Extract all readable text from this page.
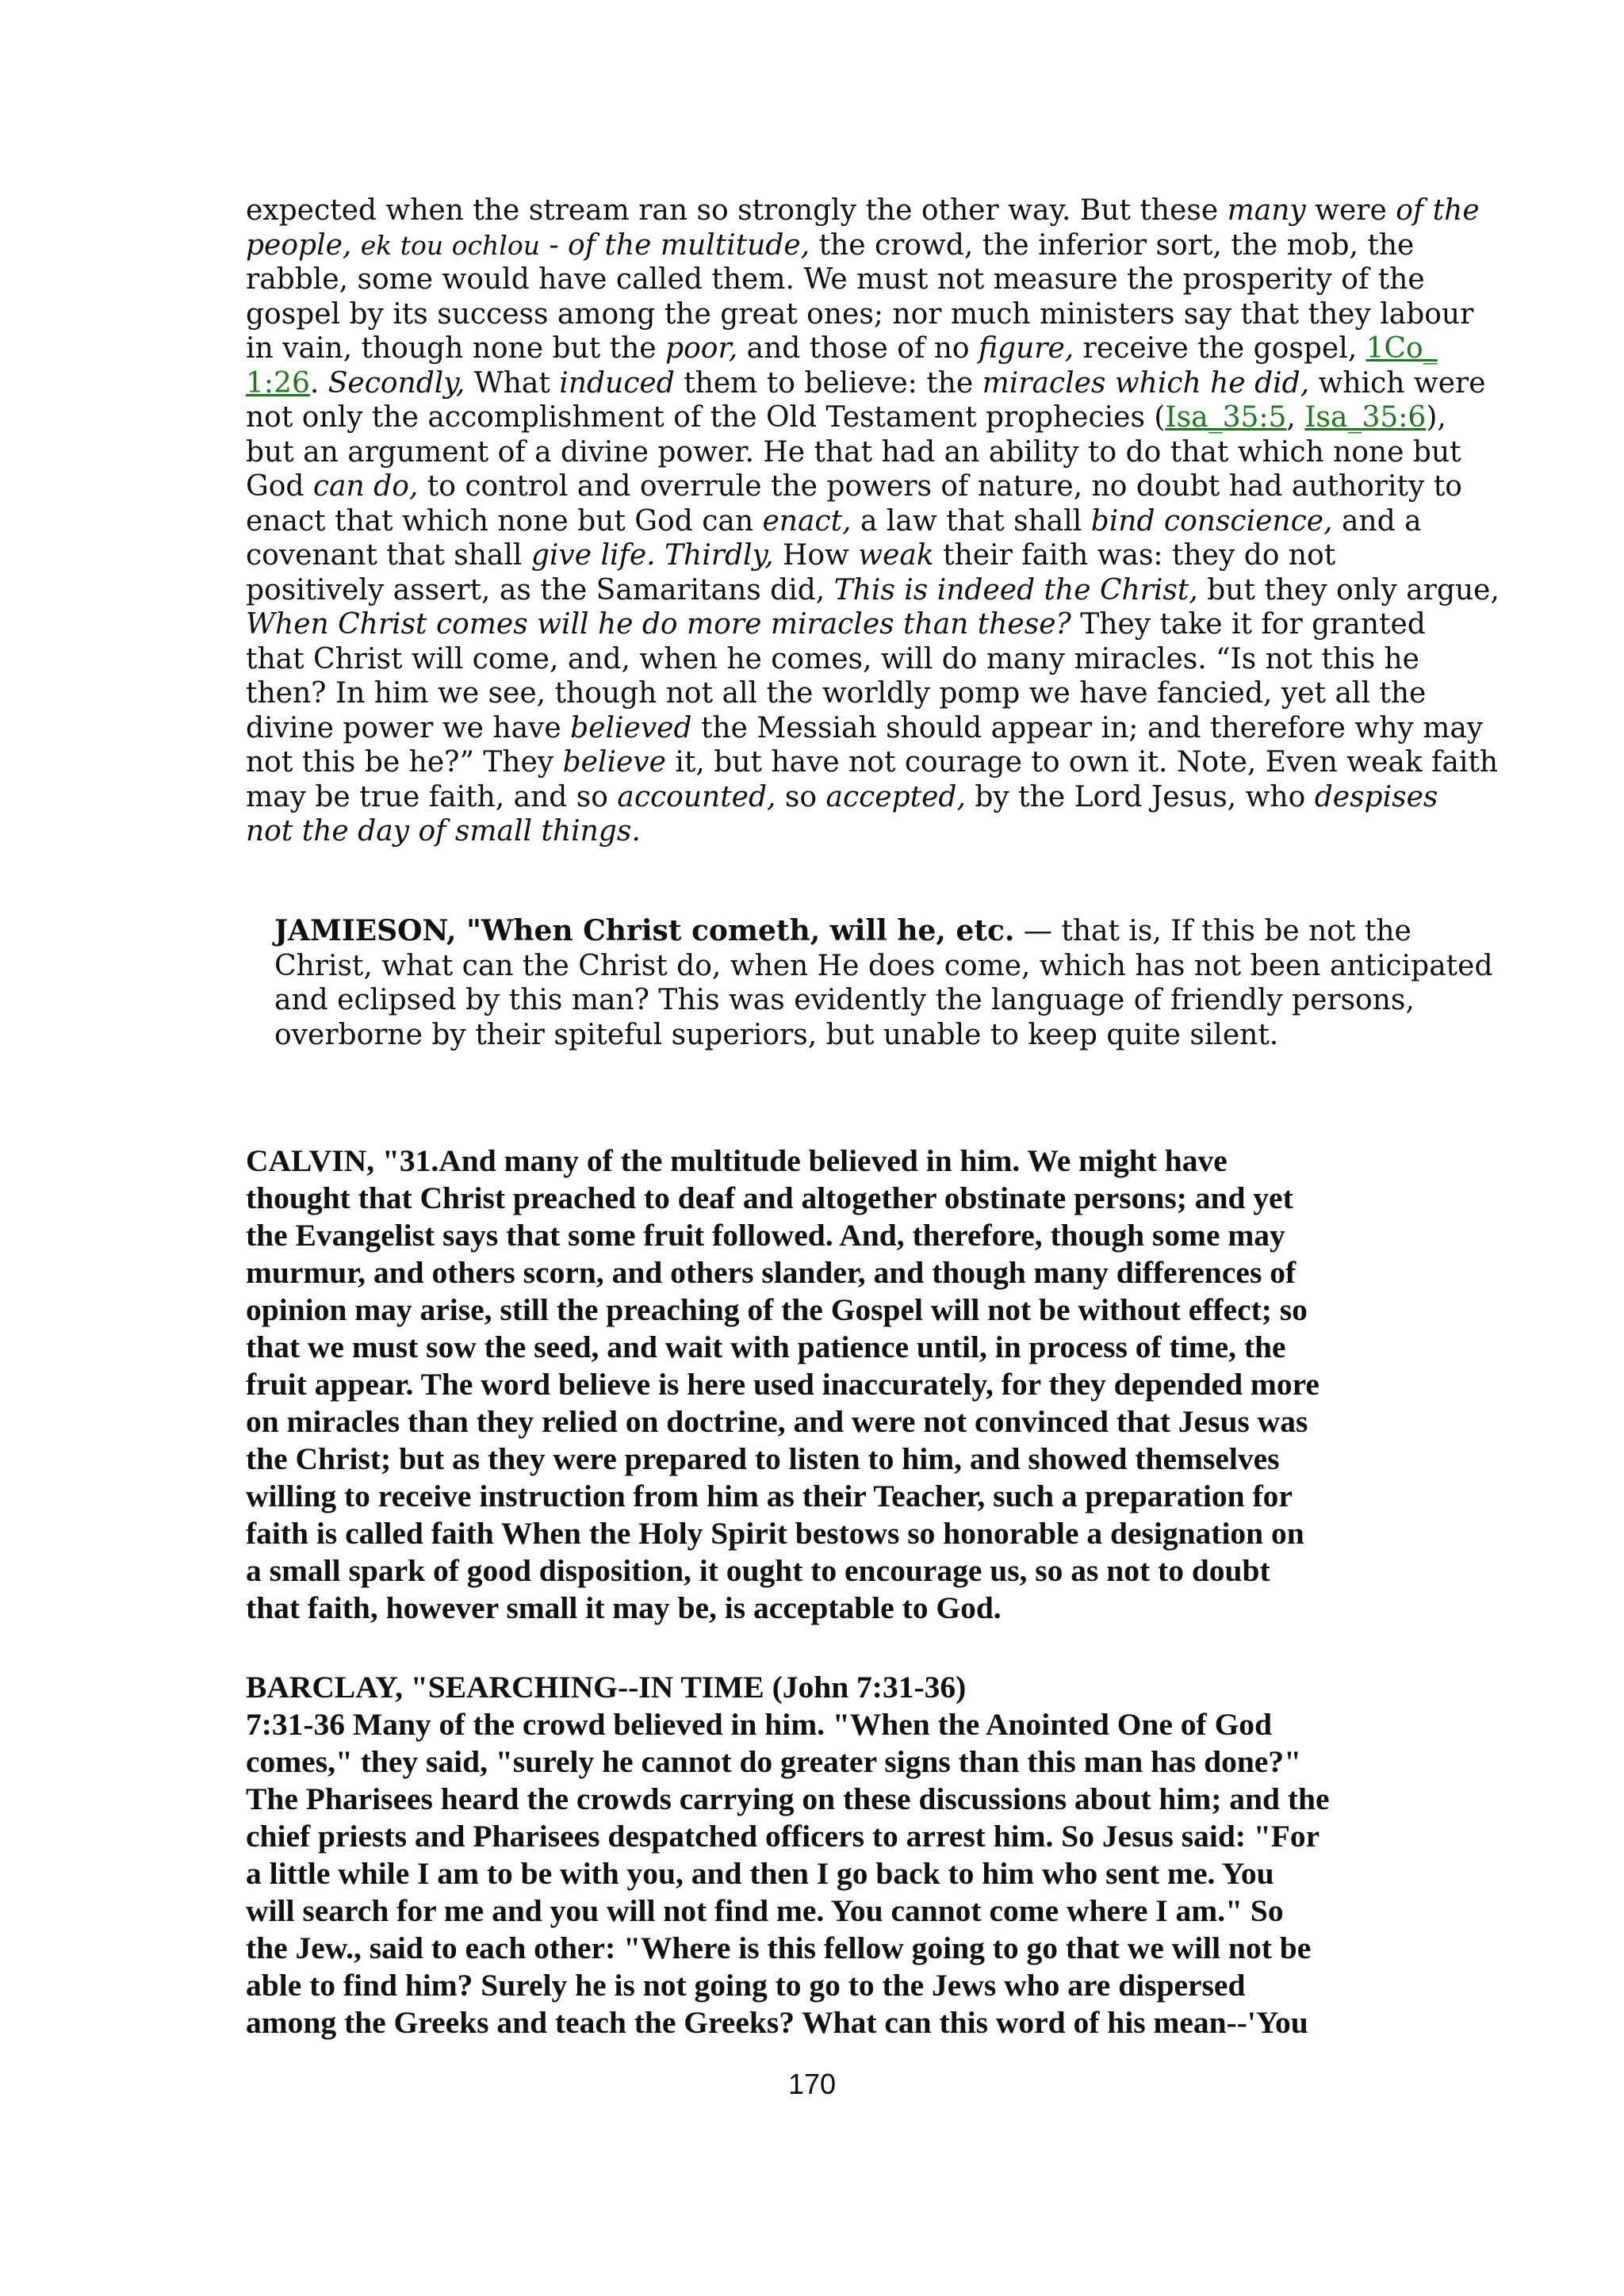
expected when the stream ran so strongly the other way. But these many were of the
people, ek tou ochlou - of the multitude, the crowd, the inferior sort, the mob, the
rabble, some would have called them. We must not measure the prosperity of the
gospel by its success among the great ones; nor much ministers say that they labour
in vain, though none but the poor, and those of no figure, receive the gospel, 1Co_
1:26. Secondly, What induced them to believe: the miracles which he did, which were
not only the accomplishment of the Old Testament prophecies (Isa_35:5, Isa_35:6),
but an argument of a divine power. He that had an ability to do that which none but
God can do, to control and overrule the powers of nature, no doubt had authority to
enact that which none but God can enact, a law that shall bind conscience, and a
covenant that shall give life. Thirdly, How weak their faith was: they do not
positively assert, as the Samaritans did, This is indeed the Christ, but they only argue,
When Christ comes will he do more miracles than these? They take it for granted
that Christ will come, and, when he comes, will do many miracles. “Is not this he
then? In him we see, though not all the worldly pomp we have fancied, yet all the
divine power we have believed the Messiah should appear in; and therefore why may
not this be he?” They believe it, but have not courage to own it. Note, Even weak faith
may be true faith, and so accounted, so accepted, by the Lord Jesus, who despises
not the day of small things.
JAMIESON, "When Christ cometh, will he, etc. — that is, If this be not the
Christ, what can the Christ do, when He does come, which has not been anticipated
and eclipsed by this man? This was evidently the language of friendly persons,
overborne by their spiteful superiors, but unable to keep quite silent.
CALVIN, "31.And many of the multitude believed in him. We might have
thought that Christ preached to deaf and altogether obstinate persons; and yet
the Evangelist says that some fruit followed. And, therefore, though some may
murmur, and others scorn, and others slander, and though many differences of
opinion may arise, still the preaching of the Gospel will not be without effect; so
that we must sow the seed, and wait with patience until, in process of time, the
fruit appear. The word believe is here used inaccurately, for they depended more
on miracles than they relied on doctrine, and were not convinced that Jesus was
the Christ; but as they were prepared to listen to him, and showed themselves
willing to receive instruction from him as their Teacher, such a preparation for
faith is called faith When the Holy Spirit bestows so honorable a designation on
a small spark of good disposition, it ought to encourage us, so as not to doubt
that faith, however small it may be, is acceptable to God.
BARCLAY, "SEARCHING--IN TIME (John 7:31-36)
7:31-36 Many of the crowd believed in him. "When the Anointed One of God
comes," they said, "surely he cannot do greater signs than this man has done?"
The Pharisees heard the crowds carrying on these discussions about him; and the
chief priests and Pharisees despatched officers to arrest him. So Jesus said: "For
a little while I am to be with you, and then I go back to him who sent me. You
will search for me and you will not find me. You cannot come where I am." So
the Jew., said to each other: "Where is this fellow going to go that we will not be
able to find him? Surely he is not going to go to the Jews who are dispersed
among the Greeks and teach the Greeks? What can this word of his mean--'You
170
